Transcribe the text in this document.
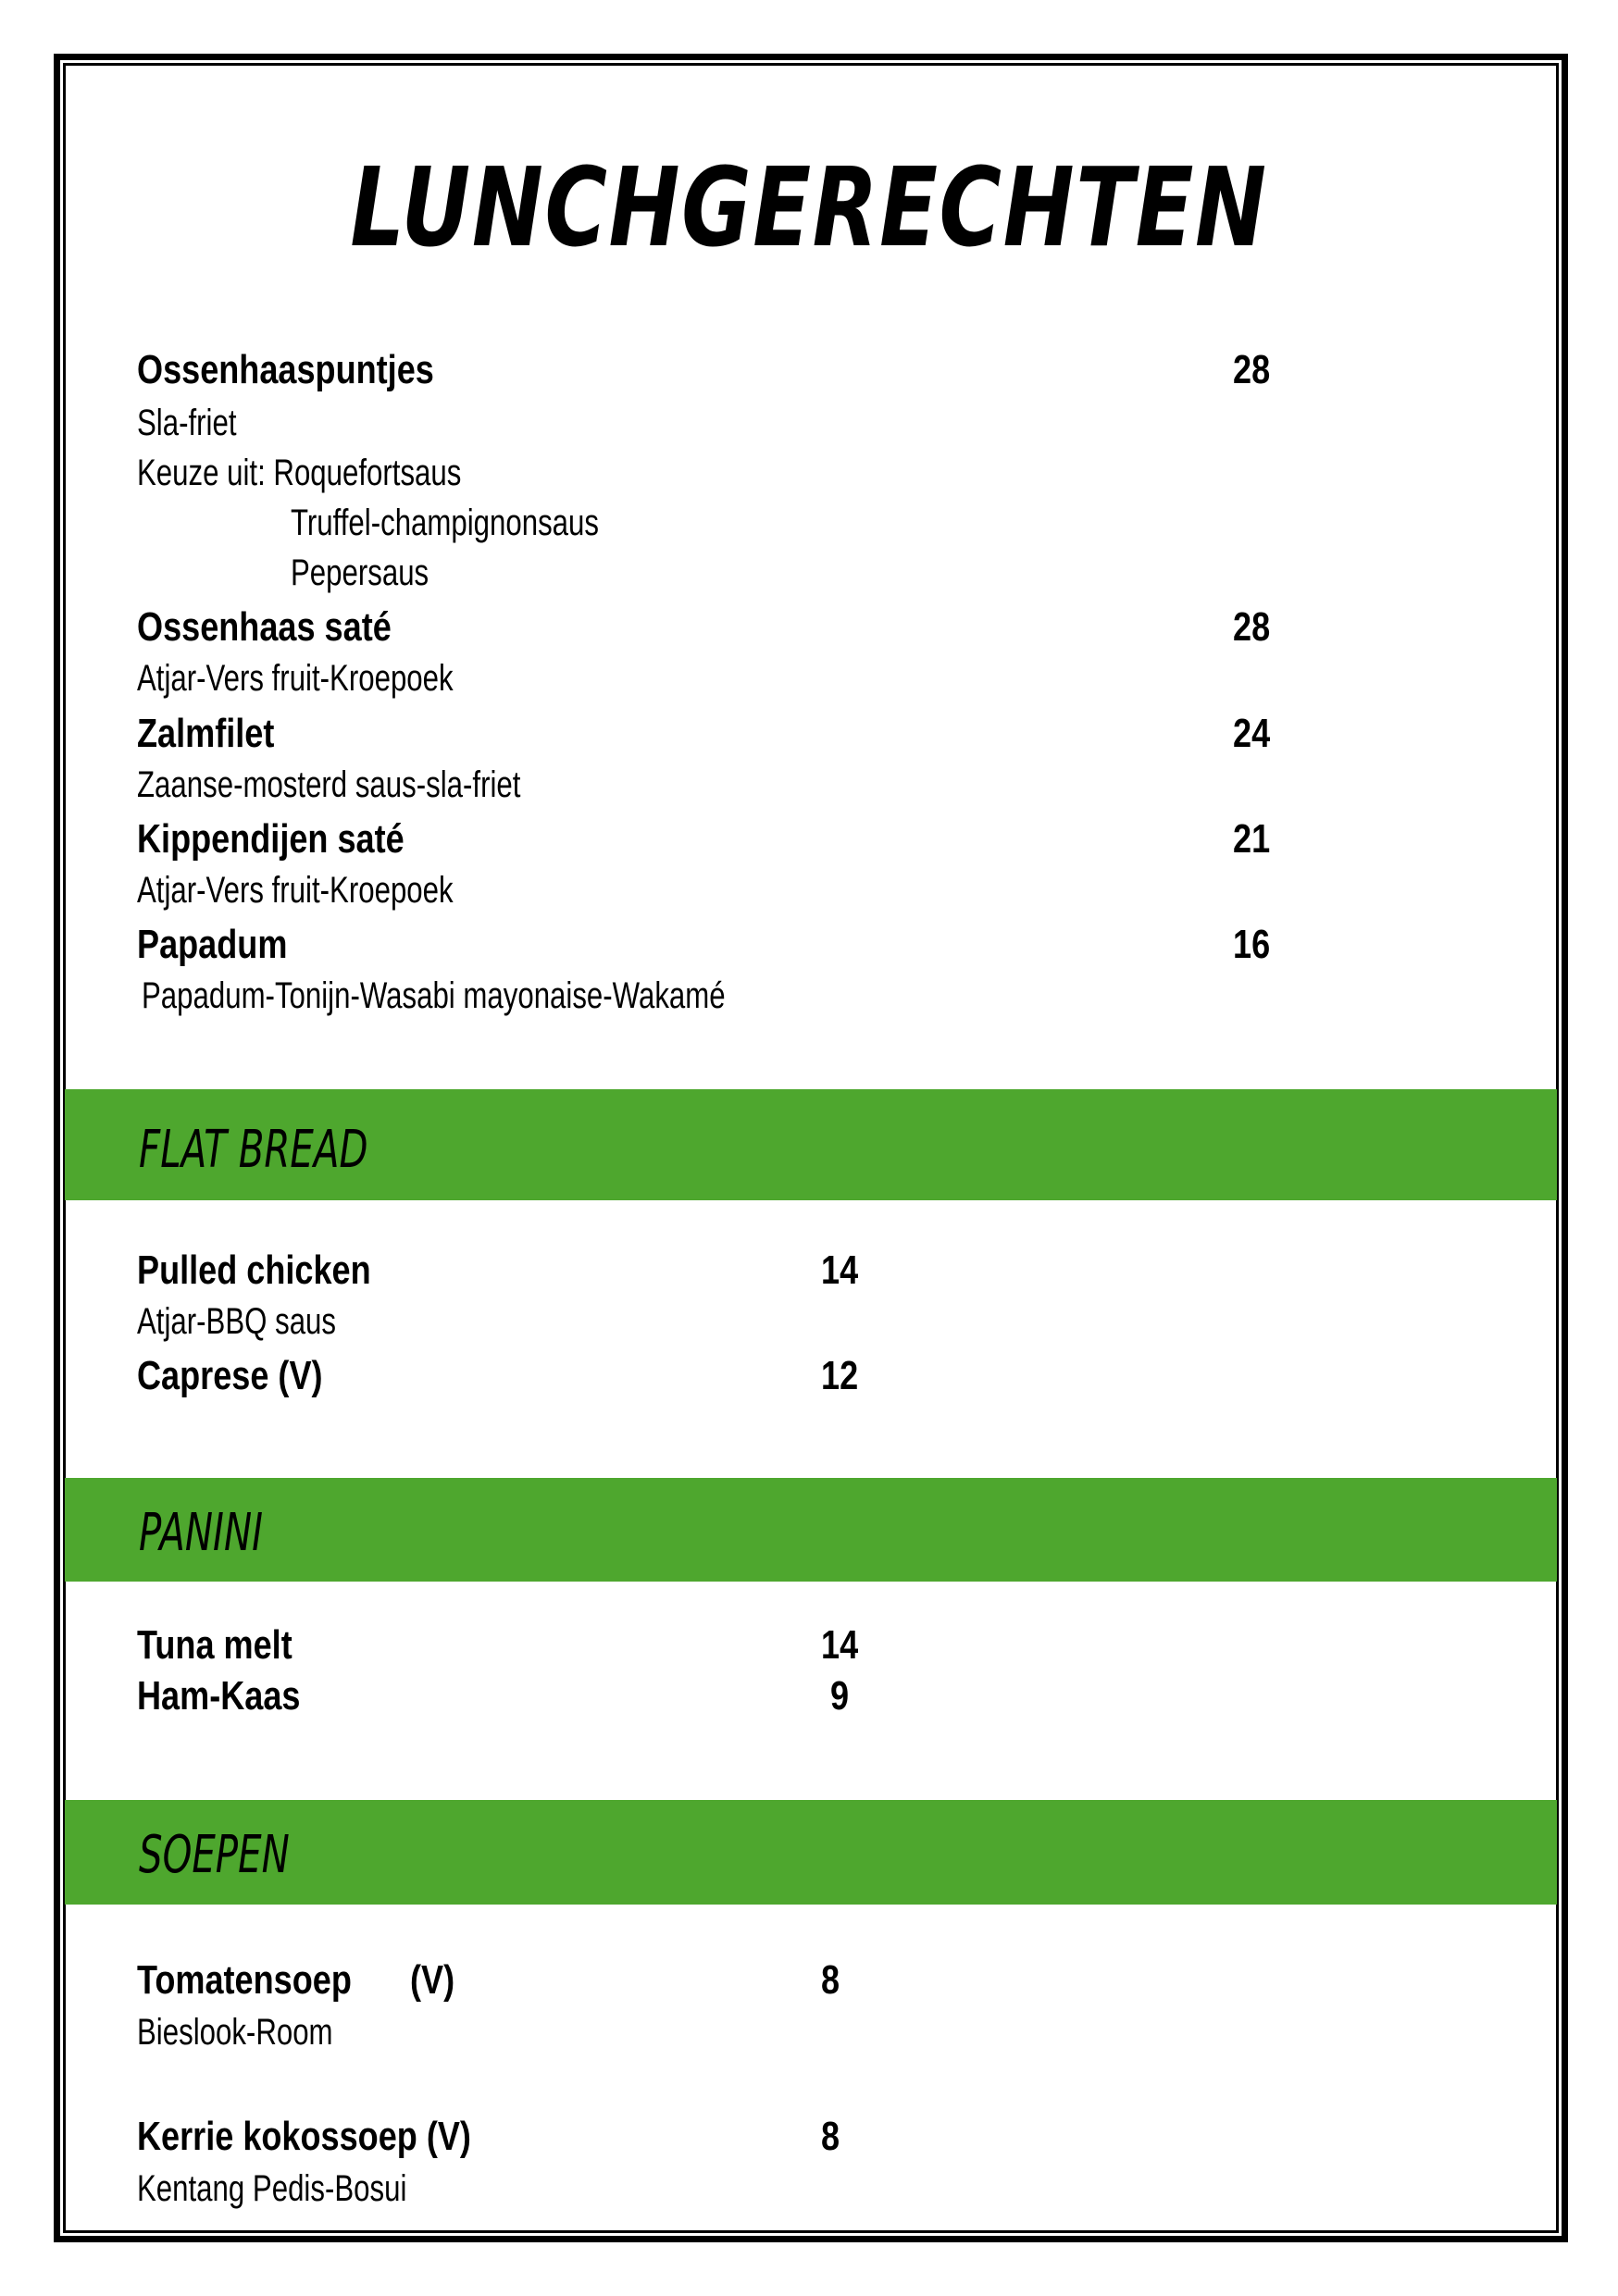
LUNCHGERECHTEN
Ossenhaaspuntjes	28
Sla-friet
Keuze uit: Roquefortsaus
Truffel-champignonsaus
Pepersaus
Ossenhaas saté	28
Atjar-Vers fruit-Kroepoek
Zalmfilet	24
Zaanse-mosterd saus-sla-friet
Kippendijen saté	21
Atjar-Vers fruit-Kroepoek
Papadum	16
Papadum-Tonijn-Wasabi mayonaise-Wakamé
FLAT BREAD
Pulled chicken	14
Atjar-BBQ saus
Caprese (V)	12
PANINI
Tuna melt	14
Ham-Kaas	9
SOEPEN
Tomatensoep (V)	8
Bieslook-Room
Kerrie kokossoep (V)	8
Kentang Pedis-Bosui
